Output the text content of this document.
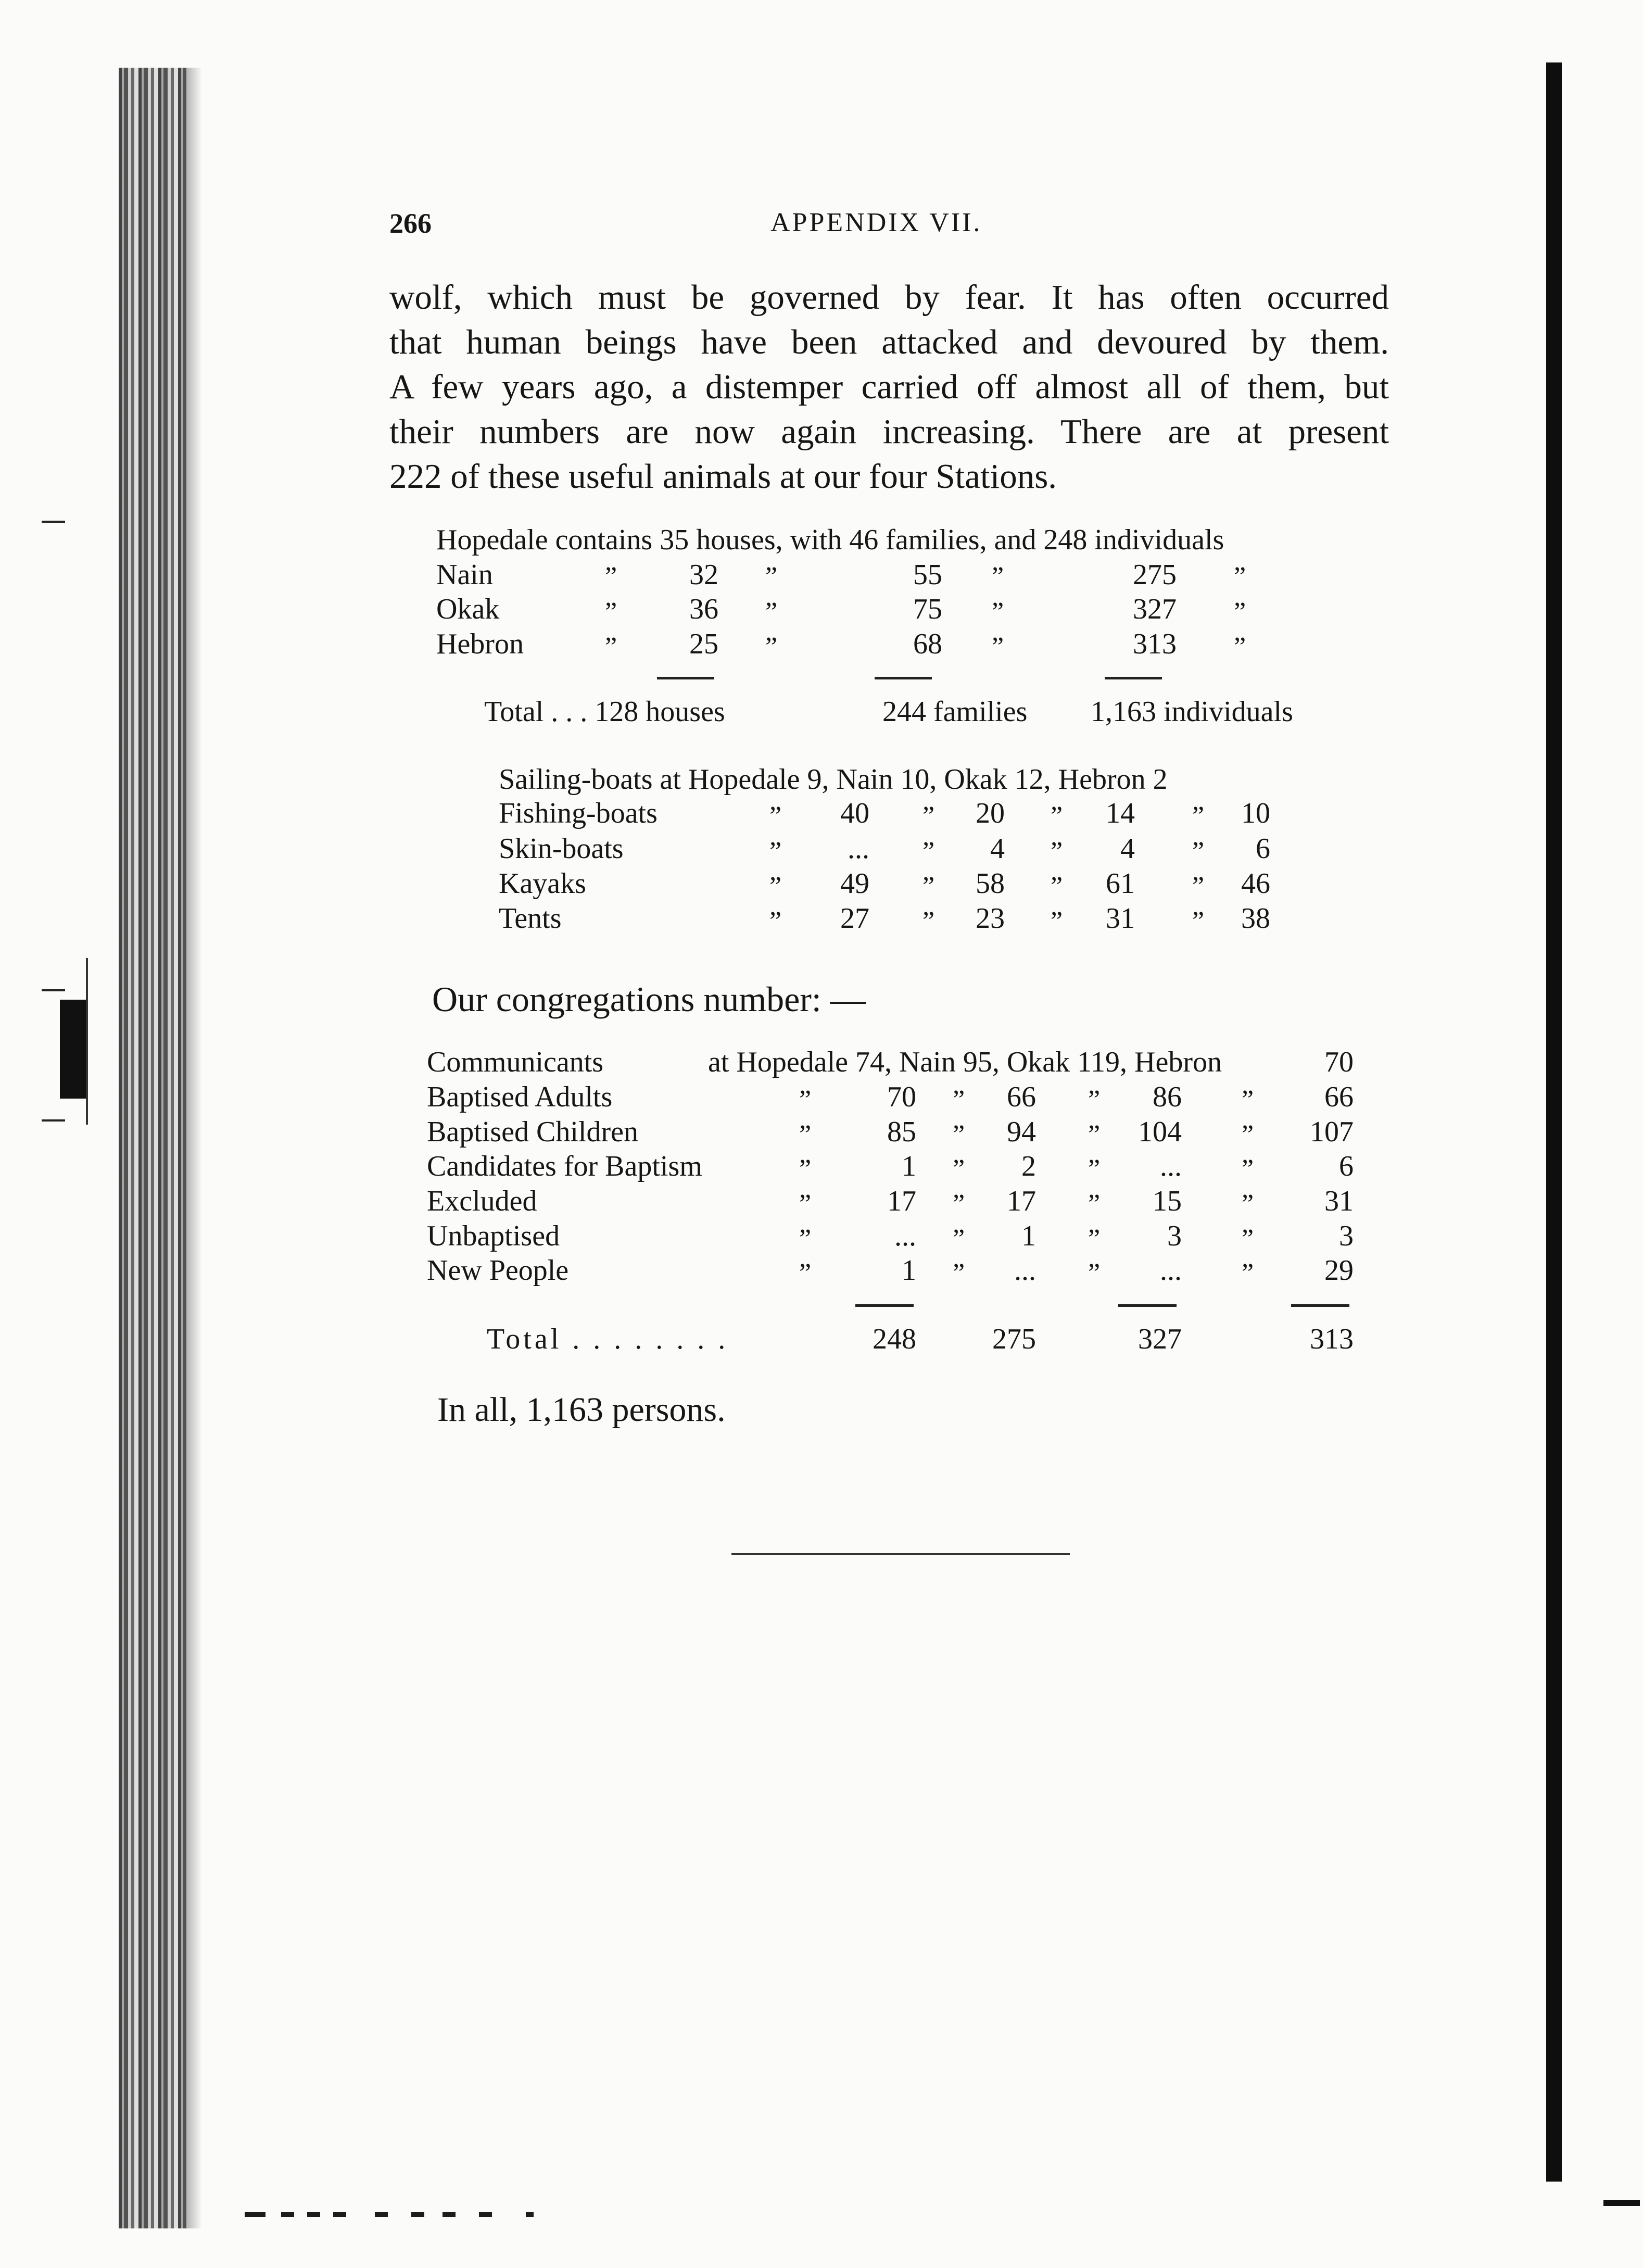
266	APPENDIX VII.
wolf, which must be governed by fear. It has often occurred
that human beings have been attacked and devoured by them.
A few years ago, a distemper carried off almost all of them, but
their numbers are now again increasing. There are at present
222 of these useful animals at our four Stations.
Hopedale contains 35 houses, with 46 families, and 248 individuals
Nain	”	32 ”	55 ”	275 ”
Okak	”	36 ”	75 ”	327 ”
Hebron	”	25 ”	68 ”	313 ”
Total . . . 128 houses	244 families 1,163 individuals
Sailing-boats at Hopedale 9, Nain 10, Okak 12, Hebron 2
Fishing-boats	”	40 ”	20 ”	14 ”	10
Skin-boats	”	... ”	4 ”	4 ”	6
Kayaks	”	49 ”	58 ”	61 ”	46
Tents	”	27 ”	23 ”	31 ”	38
Our congregations number: —
Communicants	at Hopedale 74, Nain 95, Okak 119, Hebron	70
Baptised Adults	”	70 ”	66 ”	86 ”	66
Baptised Children	”	85 ”	94 ”	104 ”	107
Candidates for Baptism	”	1 ”	2 ”	... ”	6
Excluded	”	17 ”	17 ”	15 ”	31
Unbaptised	”	... ”	1 ”	3 ”	3
New People	”	1 ”	... ”	... ”	29
Total . . . . . . . .	248	275	327	313
In all, 1,163 persons.
